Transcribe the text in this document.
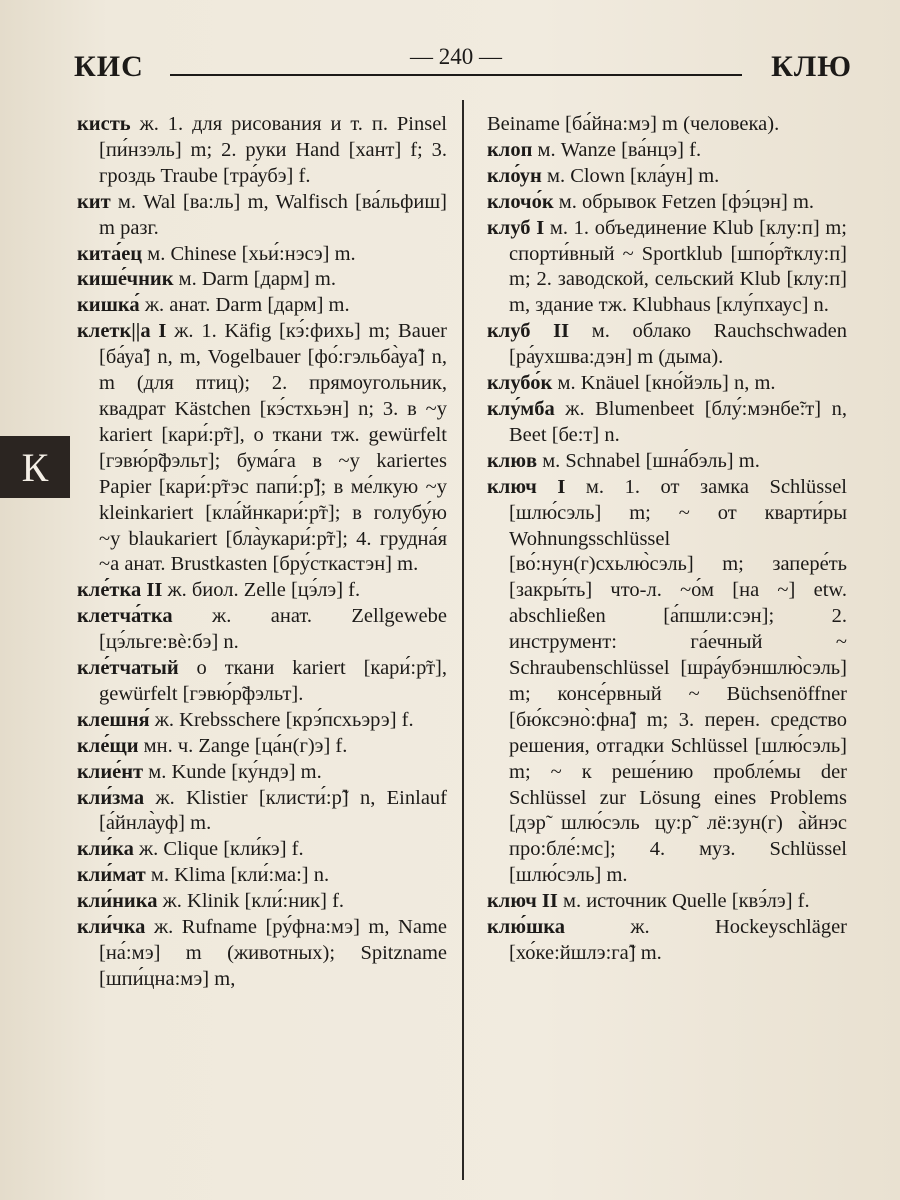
КИС	— 240 —	КЛЮ
К

кисть ж. 1. для рисования и т. п. Pinsel [пи́нзэль] m; 2. руки Hand [хант] f; 3. гроздь Traube [тра́убэ] f.

кит м. Wal [ва:ль] m, Walfisch [ва́льфиш] m разг.

кита́ец м. Chinese [хьи́:нэсэ] m.

кише́чник м. Darm [дарм] m.

кишка́ ж. анат. Darm [дарм] m.

клетк||а I ж. 1. Käfig [кэ́:фихь] m; Bauer [ба́уа̃] n, m, Vogelbauer [фо́:гэльба̀уа̃] n, m (для птиц); 2. прямоугольник, квадрат Kästchen [кэ́стхьэн] n; 3. в ~у kariert [кари́:р̃т], о ткани тж. gewürfelt [гэвю́р̃фэльт]; бума́га в ~у kariertes Papier [кари́:р̃тэс папи́:р̃]; в ме́лкую ~у kleinkariert [кла́йнкари́:р̃т]; в голубу́ю ~у blaukariert [бла̀укари́:р̃т]; 4. грудна́я ~а анат. Brustkasten [бру́сткастэн] m.

кле́тка II ж. биол. Zelle [цэ́лэ] f.

клетча́тка ж. анат. Zellgewebe [цэ́льге:вѐ:бэ] n.

кле́тчатый о ткани kariert [кари́:р̃т], gewürfelt [гэвю́р̃фэльт].

клешня́ ж. Krebsschere [крэ́псхьэрэ] f.

кле́щи мн. ч. Zange [ца́н(г)э] f.

клие́нт м. Kunde [ку́ндэ] m.

кли́зма ж. Klistier [клисти́:р̃] n, Einlauf [а́йнла̀уф] m.

кли́ка ж. Clique [кли́кэ] f.

кли́мат м. Klima [кли́:ма:] n.

кли́ника ж. Klinik [кли́:ник] f.

кли́чка ж. Rufname [ру́фна:мэ] m, Name [на́:мэ] m (животных); Spitzname [шпи́цна:мэ] m,

Beiname [ба́йна:мэ] m (человека).

клоп м. Wanze [ва́нцэ] f.

кло́ун м. Clown [кла́ун] m.

клочо́к м. обрывок Fetzen [фэ́цэн] m.

клуб I м. 1. объединение Klub [клу:п] m; спорти́вный ~ Sportklub [шпо́р̃тклу:п] m; 2. заводской, сельский Klub [клу:п] m, здание тж. Klubhaus [клу́пхаус] n.

клуб II м. облако Rauchschwaden [ра́ухшва:дэн] m (дыма).

клубо́к м. Knäuel [кно́йэль] n, m.

клу́мба ж. Blumenbeet [блу́:мэнбе̃:т] n, Beet [бе:т] n.

клюв м. Schnabel [шна́бэль] m.

ключ I м. 1. от замка Schlüssel [шлю́сэль] m; ~ от кварти́ры Wohnungsschlüssel [во́:нун(г)схьлю̀сэль] m; запере́ть [закры́ть] что-л. ~о́м [на ~] etw. abschließen [а́пшли:сэн]; 2. инструмент: га́ечный ~ Schraubenschlüssel [шра́убэншлю̀сэль] m; консе́рвный ~ Büchsenöffner [бю́ксэно̀:фна̃] m; 3. перен. средство решения, отгадки Schlüssel [шлю́сэль] m; ~ к реше́нию пробле́мы der Schlüssel zur Lösung eines Problems [дэр̃ шлю́сэль цу:р̃ лё:зун(г) а̀йнэс про:бле́:мс]; 4. муз. Schlüssel [шлю́сэль] m.

ключ II м. источник Quelle [квэ́лэ] f.

клю́шка ж. Hockeyschläger [хо́ке:йшлэ:га̃] m.
